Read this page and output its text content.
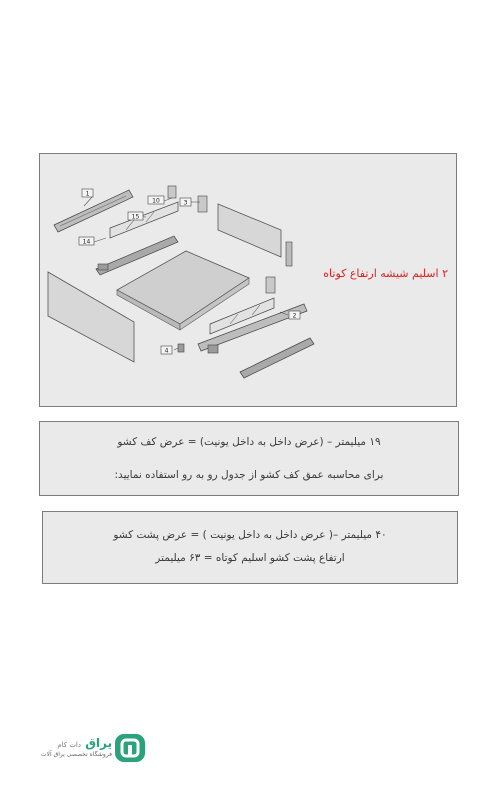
1
10	3
15
14
2
4
۲ اسلیم شیشه ارتفاع کوتاه

۱۹ میلیمتر – (عرض داخل به داخل یونیت) = عرض کف کشو

برای محاسبه عمق کف کشو از جدول رو به رو استفاده نمایید:

۴۰ میلیمتر –( عرض داخل به داخل یونیت ) = عرض پشت کشو

ارتفاع پشت کشو اسلیم کوتاه = ۶۳ میلیمتر

یراق دات کام
فروشگاه تخصصی یراق آلات
